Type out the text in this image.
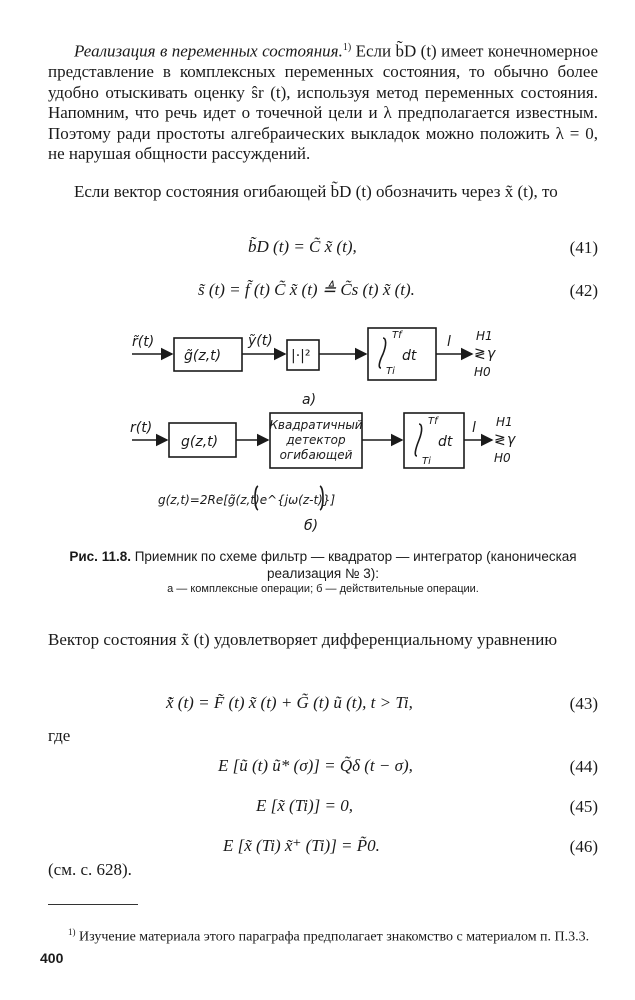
Реализация в переменных состояния.$^{1)}$ Если b̃D (t) имеет конечномерное представление в комплексных переменных состояния, то обычно более удобно отыскивать оценку ŝr (t), используя метод переменных состояния. Напомним, что речь идет о точечной цели и λ предполагается известным. Поэтому ради простоты алгебраических выкладок можно положить λ = 0, не нарушая общности рассуждений.

Если вектор состояния огибающей b̃D (t) обозначить через x̃ (t), то

b̃D (t) = C̃ x̃ (t),	(41)
s̃ (t) = f̃ (t) C̃ x̃ (t) ≜ C̃s (t) x̃ (t).	(42)
r̃(t)
g̃(z,t)
ỹ(t)
|·|²
Tf
Ti
dt
l H1
≷ γ
H0
а)
r(t)
g(z,t)
Квадратичный
детектор
огибающей
Tf
Ti
dt
l H1
≷ γ
H0
g(z,t)=2Re[g̃(z,t)e^{jω(z-t)}]
б)
Рис. 11.8. Приемник по схеме фильтр — квадратор — интегратор (каноническая реализация № 3):
а — комплексные операции; б — действительные операции.

Вектор состояния x̃ (t) удовлетворяет дифференциальному уравнению

x̃̇ (t) = F̃ (t) x̃ (t) + G̃ (t) ũ (t), t > Ti,	(43)
где
E [ũ (t) ũ* (σ)] = Q̃δ (t − σ),	(44)
E [x̃ (Ti)] = 0,	(45)
E [x̃ (Ti) x̃⁺ (Ti)] = P̃0.	(46)
(см. с. 628).

$^{1)}$ Изучение материала этого параграфа предполагает знакомство с материалом п. П.3.3.

400
